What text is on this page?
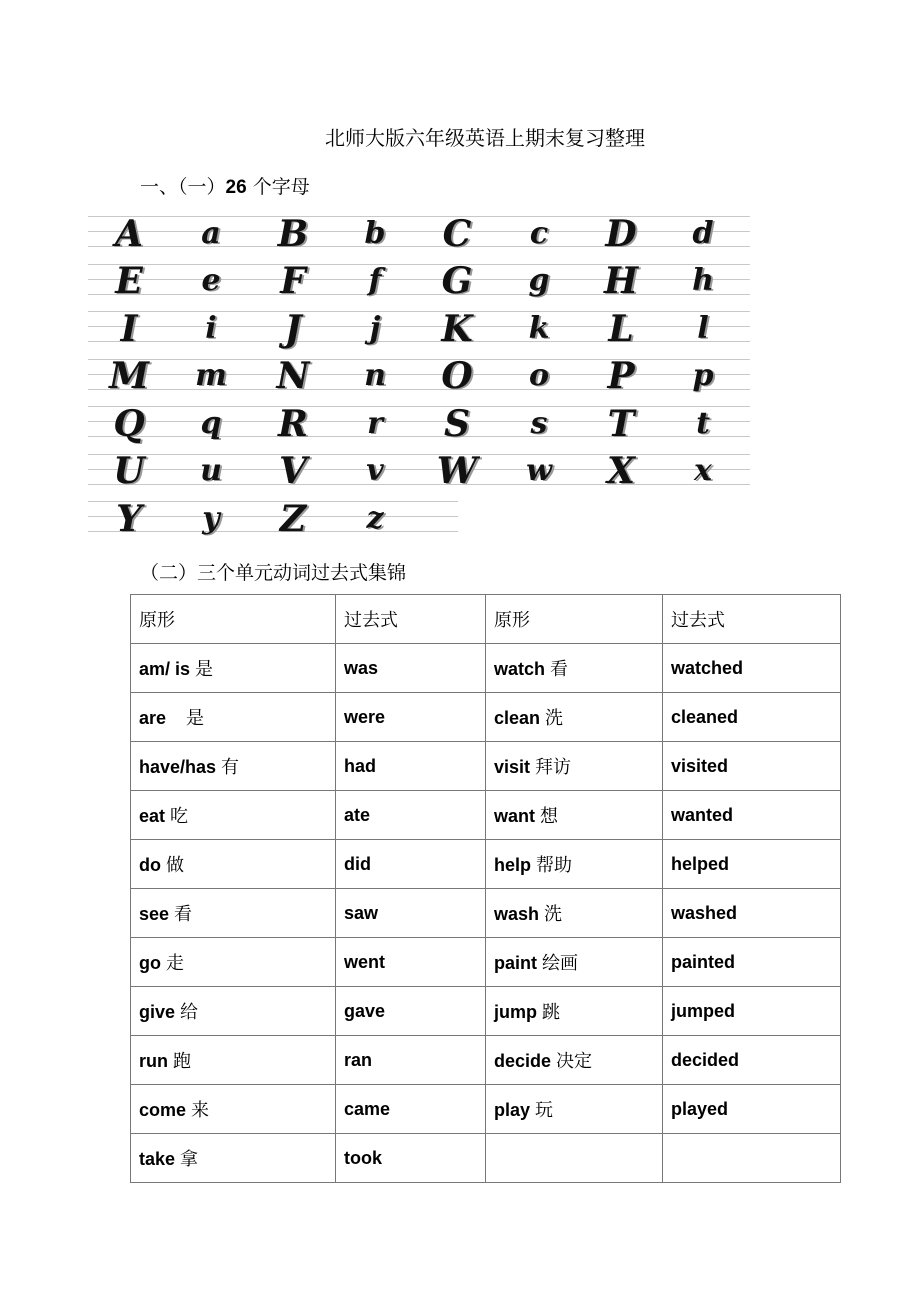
北师大版六年级英语上期末复习整理
一、（一）26 个字母
A	a	B	b	C	c	D	d
E	e	F	f	G	g	H	h
I	i	J	j	K	k	L	l
M	m	N	n	O	o	P	p
Q	q	R	r	S	s	T	t
U	u	V	v	W	w	X	x
Y	y	Z	z
（二）三个单元动词过去式集锦
原形	过去式	原形	过去式
am/ is 是	was	watch 看	watched
are    是	were	clean 洗	cleaned
have/has 有	had	visit 拜访	visited
eat 吃	ate	want 想	wanted
do 做	did	help 帮助	helped
see 看	saw	wash 洗	washed
go 走	went	paint 绘画	painted
give 给	gave	jump 跳	jumped
run 跑	ran	decide 决定	decided
come 来	came	play 玩	played
take 拿	took		
